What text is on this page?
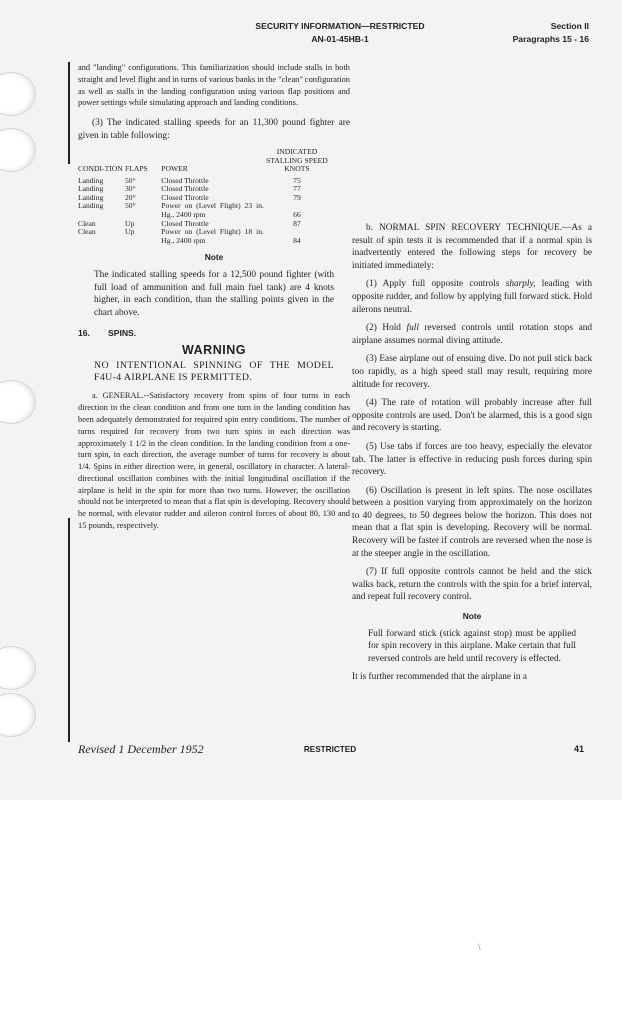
SECURITY INFORMATION—RESTRICTED
AN-01-45HB-1
Section II
Paragraphs 15 - 16

and "landing" configurations. This familiarization should include stalls in both straight and level flight and in turns of various banks in the "clean" configuration as well as stalls in the landing configuration using various flap positions and power settings while simulating approach and landing conditions.

(3) The indicated stalling speeds for an 11,300 pound fighter are given in table following:

CONDI-TION	FLAPS	POWER	INDICATED STALLING SPEED KNOTS
Landing	50°	Closed Throttle	75
Landing	30°	Closed Throttle	77
Landing	20°	Closed Throttle	79
Landing	50°	Power on (Level Flight) 23 in. Hg., 2400 rpm	66
Clean	Up	Closed Throttle	87
Clean	Up	Power on (Level Flight) 18 in. Hg., 2400 rpm	84
Note

The indicated stalling speeds for a 12,500 pound fighter (with full load of ammunition and full main fuel tank) are 4 knots higher, in each condition, than the stalling points given in the chart above.

16. SPINS.
WARNING

NO INTENTIONAL SPINNING OF THE MODEL F4U-4 AIRPLANE IS PERMITTED.

a. GENERAL.--Satisfactory recovery from spins of four turns in each direction in the clean condition and from one turn in the landing condition has been adequately demonstrated for required spin entry conditions. The number of turns required for recovery from two turn spins in each direction was approximately 1 1/2 in the clean condition. In the landing condition from a one-turn spin, in each direction, the average number of turns for recovery is about 1/4. Spins in either direction were, in general, oscillatory in character. A lateral-directional oscillation combines with the initial longitudinal oscillation if the airplane is held in the spin for more than two turns. However, the oscillation should not be interpreted to mean that a flat spin is developing. Recovery should be normal, with elevator rudder and aileron control forces of about 80, 130 and 15 pounds, respectively.

b. NORMAL SPIN RECOVERY TECHNIQUE.—As a result of spin tests it is recommended that if a normal spin is inadvertently entered the following steps for recovery be initiated immediately:

(1) Apply full opposite controls sharply, leading with opposite rudder, and follow by applying full forward stick. Hold ailerons neutral.

(2) Hold full reversed controls until rotation stops and airplane assumes normal diving attitude.

(3) Ease airplane out of ensuing dive. Do not pull stick back too rapidly, as a high speed stall may result, requiring more altitude for recovery.

(4) The rate of rotation will probably increase after full opposite controls are used. Don't be alarmed, this is a good sign and recovery is starting.

(5) Use tabs if forces are too heavy, especially the elevator tab. The latter is effective in reducing push forces during spin recovery.

(6) Oscillation is present in left spins. The nose oscillates between a position varying from approximately on the horizon to 40 degrees, to 50 degrees below the horizon. This does not mean that a flat spin is developing. Recovery will be normal. Recovery will be faster if controls are reversed when the nose is at the steeper angle in the oscillation.

(7) If full opposite controls cannot be held and the stick walks back, return the controls with the spin for a brief interval, and repeat full recovery control.

Note

Full forward stick (stick against stop) must be applied for spin recovery in this airplane. Make certain that full reversed controls are held until recovery is effected.

It is further recommended that the airplane in a

Revised 1 December 1952	RESTRICTED	41
\
